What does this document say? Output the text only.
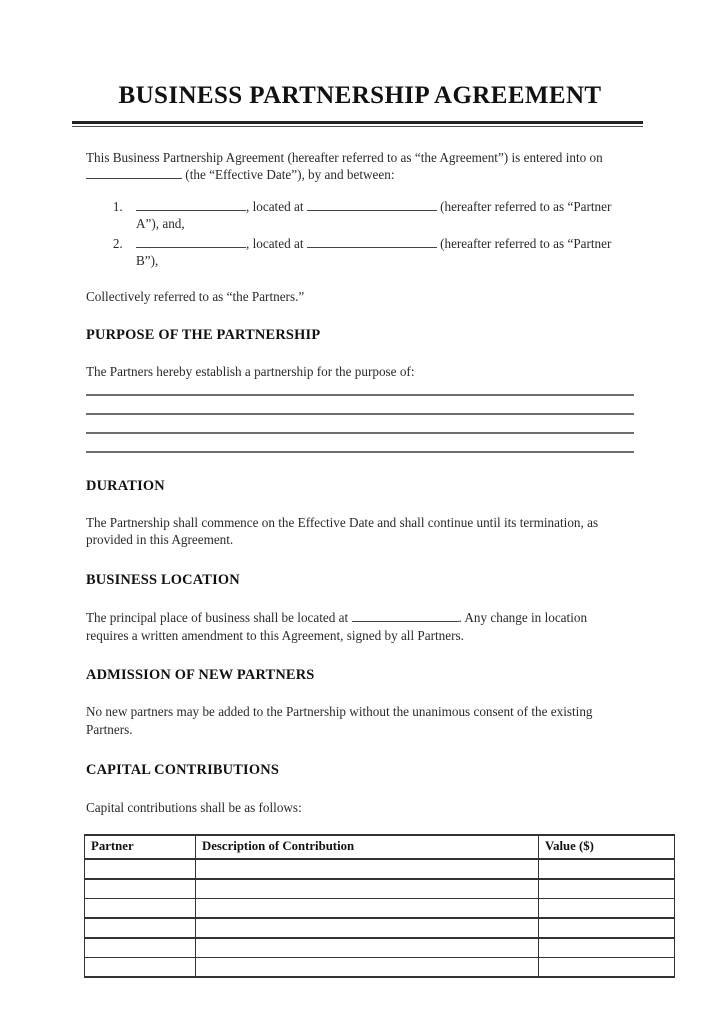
BUSINESS PARTNERSHIP AGREEMENT

This Business Partnership Agreement (hereafter referred to as “the Agreement”) is entered into on  (the “Effective Date”), by and between:

1. , located at	(hereafter referred to as “Partner A”), and,
2. , located at	(hereafter referred to as “Partner B”),

Collectively referred to as “the Partners.”

PURPOSE OF THE PARTNERSHIP

The Partners hereby establish a partnership for the purpose of:

DURATION

The Partnership shall commence on the Effective Date and shall continue until its termination, as provided in this Agreement.

BUSINESS LOCATION

The principal place of business shall be located at	. Any change in location requires a written amendment to this Agreement, signed by all Partners.

ADMISSION OF NEW PARTNERS

No new partners may be added to the Partnership without the unanimous consent of the existing Partners.

CAPITAL CONTRIBUTIONS

Capital contributions shall be as follows:

Partner	Description of Contribution	Value ($)
